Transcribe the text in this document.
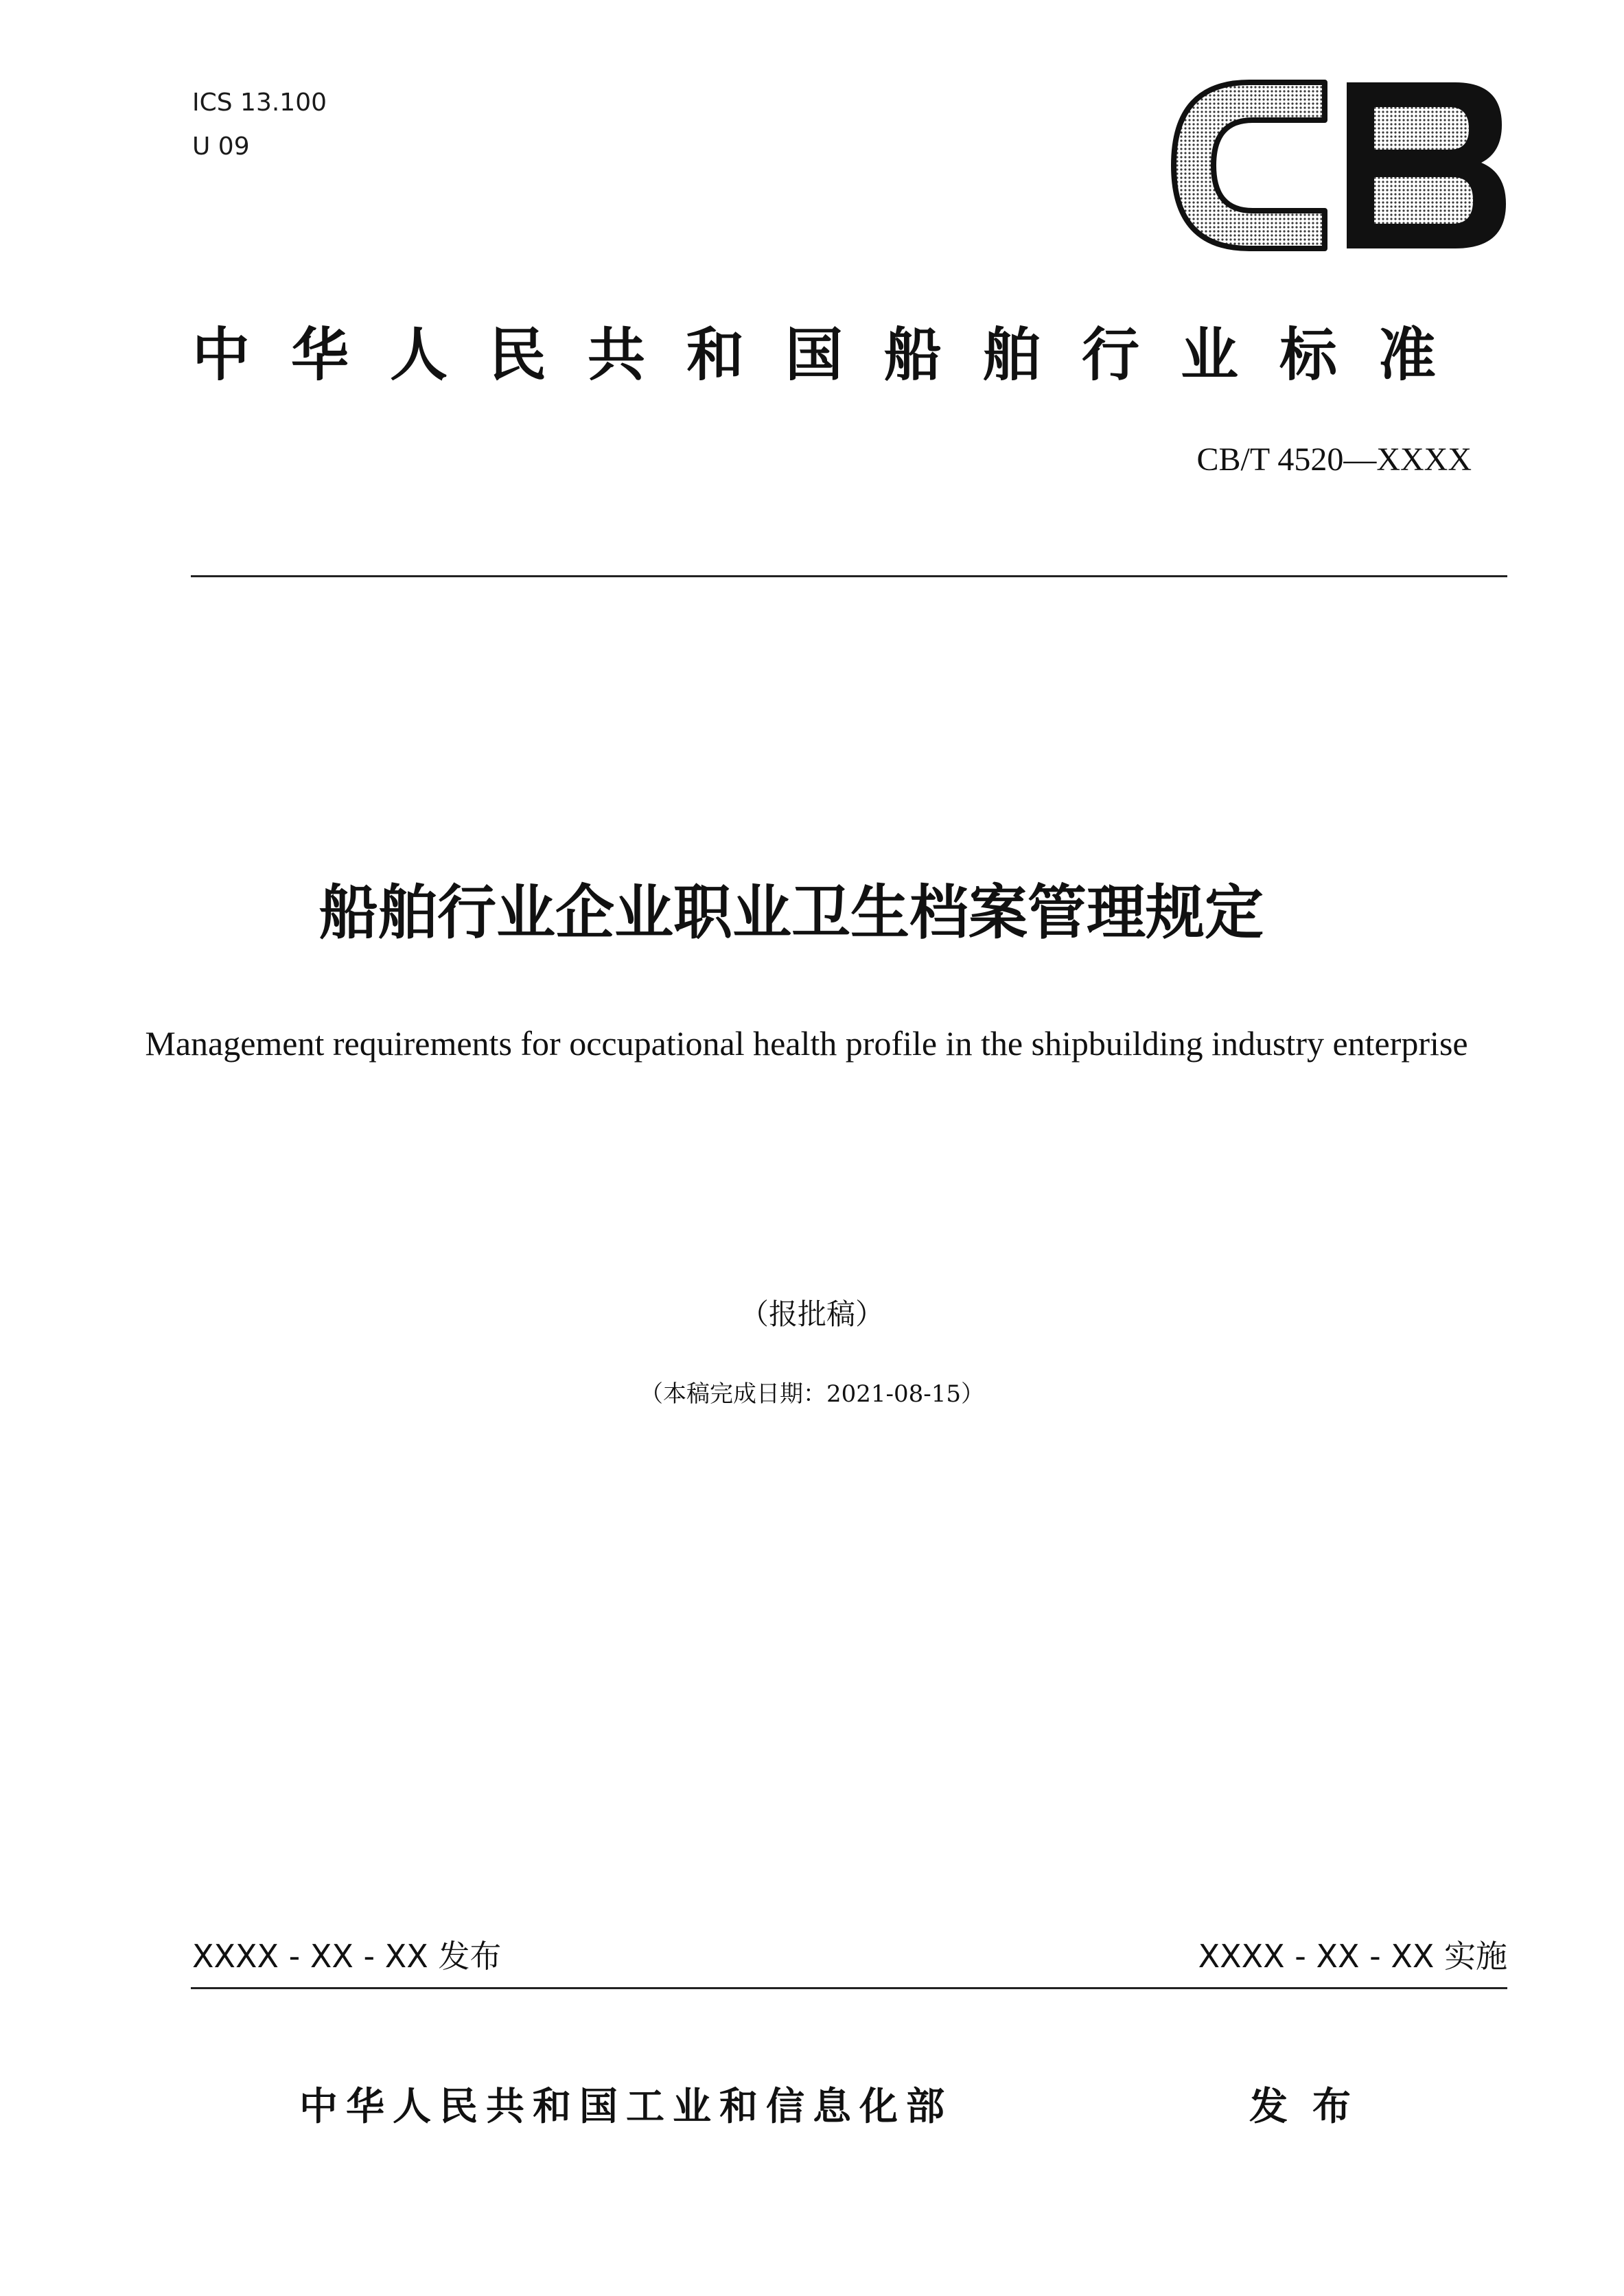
ICS 13.100
U 09
CB
中华人民共和国船舶行业标准
CB/T 4520—XXXX
船舶行业企业职业卫生档案管理规定
Management requirements for occupational health profile in the shipbuilding industry enterprise
（报批稿）
（本稿完成日期：2021-08-15）
XXXX - XX - XX 发布	XXXX - XX - XX 实施
中华人民共和国工业和信息化部	发布
